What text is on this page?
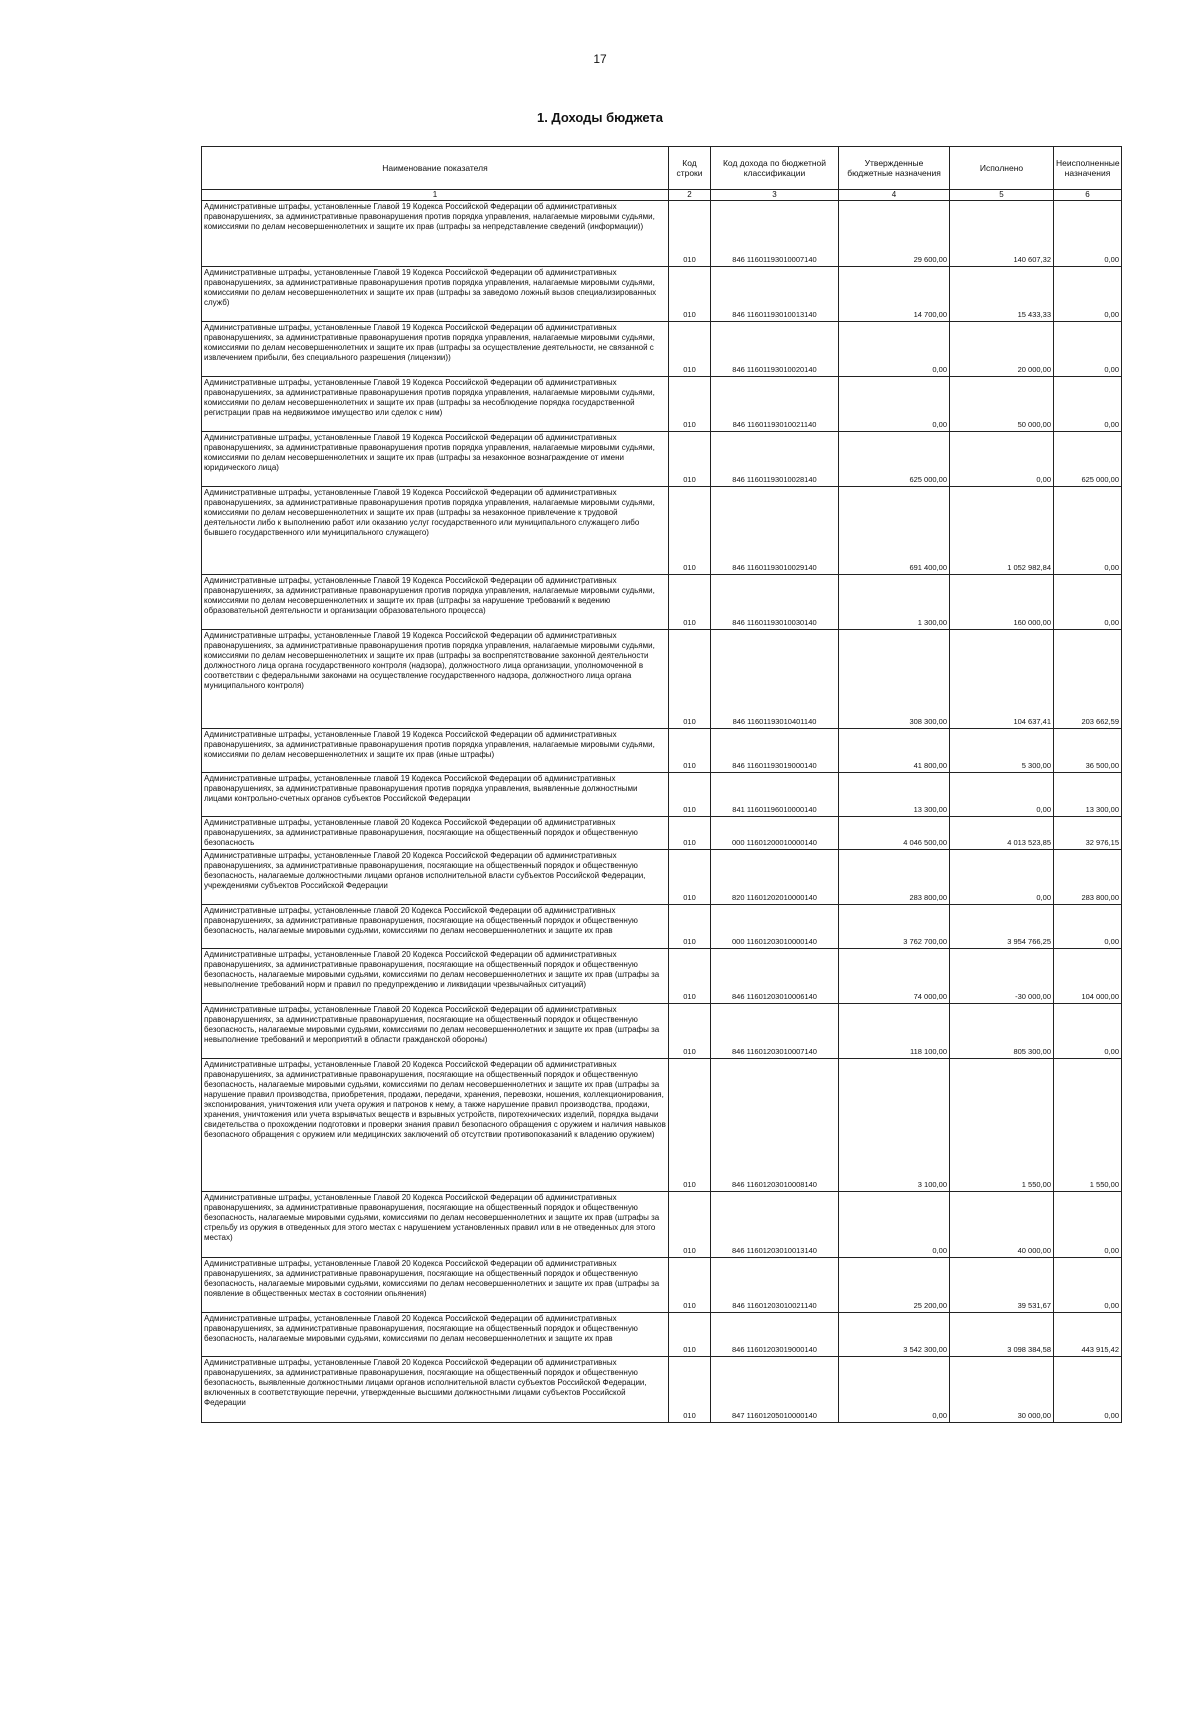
17
1. Доходы бюджета
Наименование показателя	Код строки	Код дохода по бюджетной классификации	Утвержденные бюджетные назначения	Исполнено	Неисполненные назначения
1	2	3	4	5	6
Административные штрафы, установленные Главой 19 Кодекса Российской Федерации об административных правонарушениях, за административные правонарушения против порядка управления, налагаемые мировыми судьями, комиссиями по делам несовершеннолетних и защите их прав (штрафы за непредставление сведений (информации))	010	846 11601193010007140	29 600,00	140 607,32	0,00
Административные штрафы, установленные Главой 19 Кодекса Российской Федерации об административных правонарушениях, за административные правонарушения против порядка управления, налагаемые мировыми судьями, комиссиями по делам несовершеннолетних и защите их прав (штрафы за заведомо ложный вызов специализированных служб)	010	846 11601193010013140	14 700,00	15 433,33	0,00
Административные штрафы, установленные Главой 19 Кодекса Российской Федерации об административных правонарушениях, за административные правонарушения против порядка управления, налагаемые мировыми судьями, комиссиями по делам несовершеннолетних и защите их прав (штрафы за осуществление деятельности, не связанной с извлечением прибыли, без специального разрешения (лицензии))	010	846 11601193010020140	0,00	20 000,00	0,00
Административные штрафы, установленные Главой 19 Кодекса Российской Федерации об административных правонарушениях, за административные правонарушения против порядка управления, налагаемые мировыми судьями, комиссиями по делам несовершеннолетних и защите их прав (штрафы за несоблюдение порядка государственной регистрации прав на недвижимое имущество или сделок с ним)	010	846 11601193010021140	0,00	50 000,00	0,00
Административные штрафы, установленные Главой 19 Кодекса Российской Федерации об административных правонарушениях, за административные правонарушения против порядка управления, налагаемые мировыми судьями, комиссиями по делам несовершеннолетних и защите их прав (штрафы за незаконное вознаграждение от имени юридического лица)	010	846 11601193010028140	625 000,00	0,00	625 000,00
Административные штрафы, установленные Главой 19 Кодекса Российской Федерации об административных правонарушениях, за административные правонарушения против порядка управления, налагаемые мировыми судьями, комиссиями по делам несовершеннолетних и защите их прав (штрафы за незаконное привлечение к трудовой деятельности либо к выполнению работ или оказанию услуг государственного или муниципального служащего либо бывшего государственного или муниципального служащего)	010	846 11601193010029140	691 400,00	1 052 982,84	0,00
Административные штрафы, установленные Главой 19 Кодекса Российской Федерации об административных правонарушениях, за административные правонарушения против порядка управления, налагаемые мировыми судьями, комиссиями по делам несовершеннолетних и защите их прав (штрафы за нарушение требований к ведению образовательной деятельности и организации образовательного процесса)	010	846 11601193010030140	1 300,00	160 000,00	0,00
Административные штрафы, установленные Главой 19 Кодекса Российской Федерации об административных правонарушениях, за административные правонарушения против порядка управления, налагаемые мировыми судьями, комиссиями по делам несовершеннолетних и защите их прав (штрафы за воспрепятствование законной деятельности должностного лица органа государственного контроля (надзора), должностного лица организации, уполномоченной в соответствии с федеральными законами на осуществление государственного надзора, должностного лица органа муниципального контроля)	010	846 11601193010401140	308 300,00	104 637,41	203 662,59
Административные штрафы, установленные Главой 19 Кодекса Российской Федерации об административных правонарушениях, за административные правонарушения против порядка управления, налагаемые мировыми судьями, комиссиями по делам несовершеннолетних и защите их прав (иные штрафы)	010	846 11601193019000140	41 800,00	5 300,00	36 500,00
Административные штрафы, установленные главой 19 Кодекса Российской Федерации об административных правонарушениях, за административные правонарушения против порядка управления, выявленные должностными лицами контрольно-счетных органов субъектов Российской Федерации	010	841 11601196010000140	13 300,00	0,00	13 300,00
Административные штрафы, установленные главой 20 Кодекса Российской Федерации об административных правонарушениях, за административные правонарушения, посягающие на общественный порядок и общественную безопасность	010	000 11601200010000140	4 046 500,00	4 013 523,85	32 976,15
Административные штрафы, установленные Главой 20 Кодекса Российской Федерации об административных правонарушениях, за административные правонарушения, посягающие на общественный порядок и общественную безопасность, налагаемые должностными лицами органов исполнительной власти субъектов Российской Федерации, учреждениями субъектов Российской Федерации	010	820 11601202010000140	283 800,00	0,00	283 800,00
Административные штрафы, установленные главой 20 Кодекса Российской Федерации об административных правонарушениях, за административные правонарушения, посягающие на общественный порядок и общественную безопасность, налагаемые мировыми судьями, комиссиями по делам несовершеннолетних и защите их прав	010	000 11601203010000140	3 762 700,00	3 954 766,25	0,00
Административные штрафы, установленные Главой 20 Кодекса Российской Федерации об административных правонарушениях, за административные правонарушения, посягающие на общественный порядок и общественную безопасность, налагаемые мировыми судьями, комиссиями по делам несовершеннолетних и защите их прав (штрафы за невыполнение требований норм и правил по предупреждению и ликвидации чрезвычайных ситуаций)	010	846 11601203010006140	74 000,00	-30 000,00	104 000,00
Административные штрафы, установленные Главой 20 Кодекса Российской Федерации об административных правонарушениях, за административные правонарушения, посягающие на общественный порядок и общественную безопасность, налагаемые мировыми судьями, комиссиями по делам несовершеннолетних и защите их прав (штрафы за невыполнение требований и мероприятий в области гражданской обороны)	010	846 11601203010007140	118 100,00	805 300,00	0,00
Административные штрафы, установленные Главой 20 Кодекса Российской Федерации об административных правонарушениях, за административные правонарушения, посягающие на общественный порядок и общественную безопасность, налагаемые мировыми судьями, комиссиями по делам несовершеннолетних и защите их прав (штрафы за нарушение правил производства, приобретения, продажи, передачи, хранения, перевозки, ношения, коллекционирования, экспонирования, уничтожения или учета оружия и патронов к нему, а также нарушение правил производства, продажи, хранения, уничтожения или учета взрывчатых веществ и взрывных устройств, пиротехнических изделий, порядка выдачи свидетельства о прохождении подготовки и проверки знания правил безопасного обращения с оружием и наличия навыков безопасного обращения с оружием или медицинских заключений об отсутствии противопоказаний к владению оружием)	010	846 11601203010008140	3 100,00	1 550,00	1 550,00
Административные штрафы, установленные Главой 20 Кодекса Российской Федерации об административных правонарушениях, за административные правонарушения, посягающие на общественный порядок и общественную безопасность, налагаемые мировыми судьями, комиссиями по делам несовершеннолетних и защите их прав (штрафы за стрельбу из оружия в отведенных для этого местах с нарушением установленных правил или в не отведенных для этого местах)	010	846 11601203010013140	0,00	40 000,00	0,00
Административные штрафы, установленные Главой 20 Кодекса Российской Федерации об административных правонарушениях, за административные правонарушения, посягающие на общественный порядок и общественную безопасность, налагаемые мировыми судьями, комиссиями по делам несовершеннолетних и защите их прав (штрафы за появление в общественных местах в состоянии опьянения)	010	846 11601203010021140	25 200,00	39 531,67	0,00
Административные штрафы, установленные Главой 20 Кодекса Российской Федерации об административных правонарушениях, за административные правонарушения, посягающие на общественный порядок и общественную безопасность, налагаемые мировыми судьями, комиссиями по делам несовершеннолетних и защите их прав	010	846 11601203019000140	3 542 300,00	3 098 384,58	443 915,42
Административные штрафы, установленные Главой 20 Кодекса Российской Федерации об административных правонарушениях, за административные правонарушения, посягающие на общественный порядок и общественную безопасность, выявленные должностными лицами органов исполнительной власти субъектов Российской Федерации, включенных в соответствующие перечни, утвержденные высшими должностными лицами субъектов Российской Федерации	010	847 11601205010000140	0,00	30 000,00	0,00
